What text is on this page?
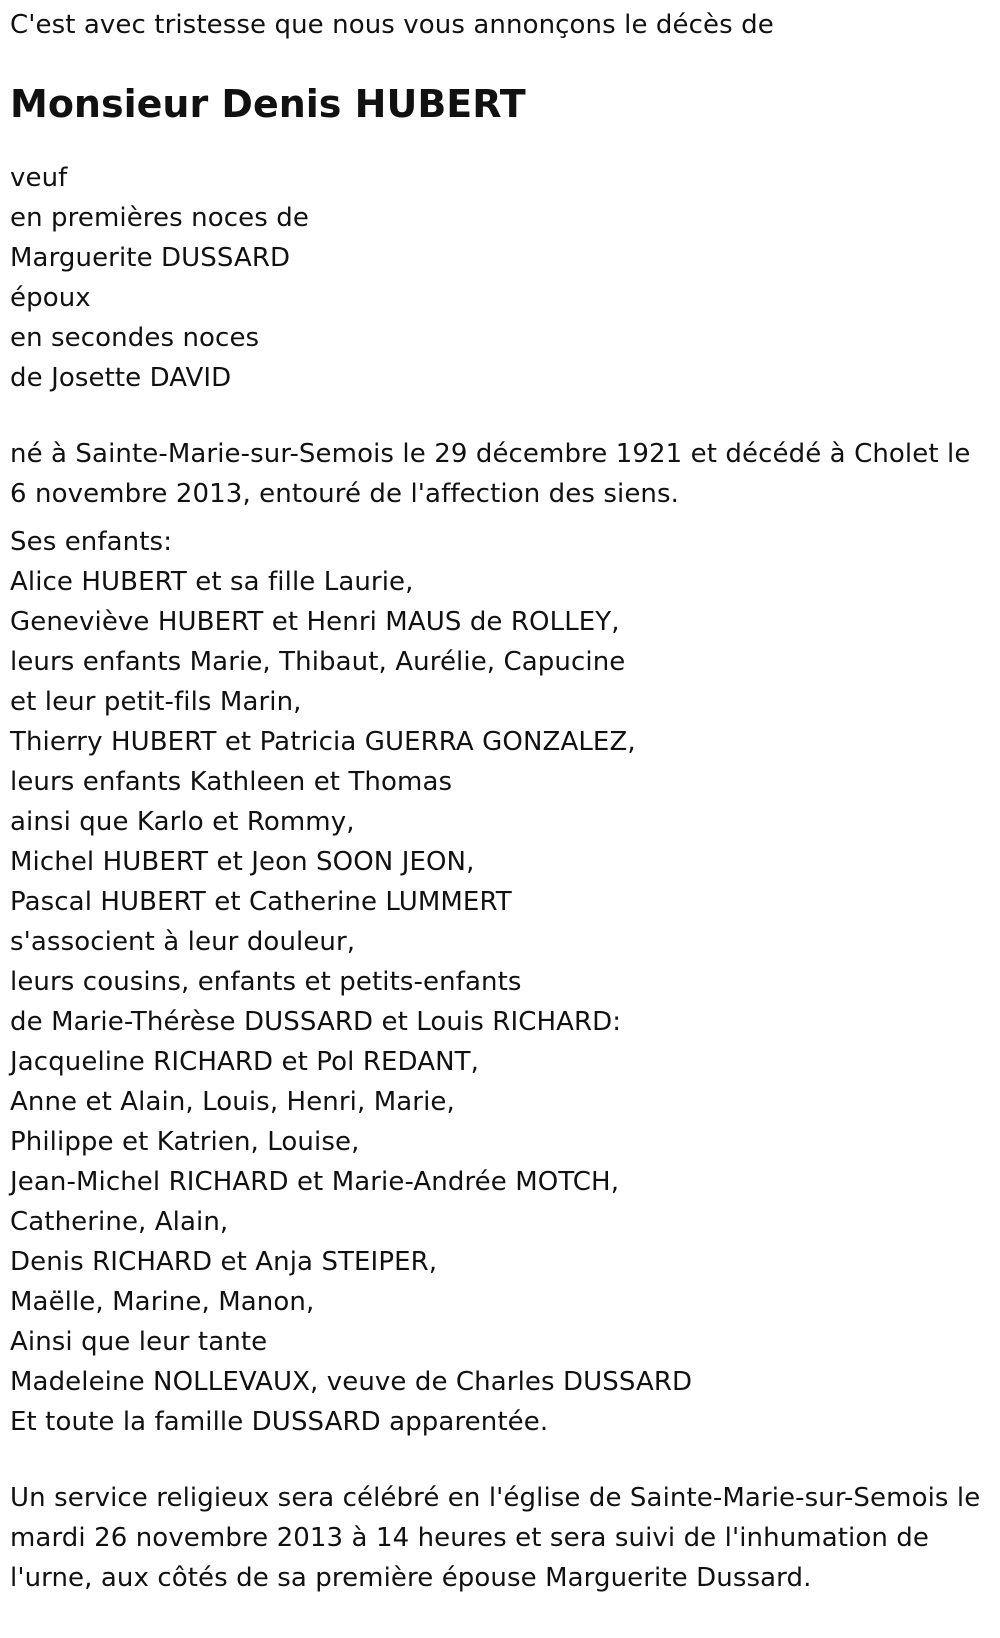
C'est avec tristesse que nous vous annonçons le décès de
Monsieur Denis HUBERT
veuf
en premières noces de
Marguerite DUSSARD
époux
en secondes noces
de Josette DAVID
né à Sainte-Marie-sur-Semois le 29 décembre 1921 et décédé à Cholet le
6 novembre 2013, entouré de l'affection des siens.
Ses enfants:
Alice HUBERT et sa fille Laurie,
Geneviève HUBERT et Henri MAUS de ROLLEY,
leurs enfants Marie, Thibaut, Aurélie, Capucine
et leur petit-fils Marin,
Thierry HUBERT et Patricia GUERRA GONZALEZ,
leurs enfants Kathleen et Thomas
ainsi que Karlo et Rommy,
Michel HUBERT et Jeon SOON JEON,
Pascal HUBERT et Catherine LUMMERT
s'associent à leur douleur,
leurs cousins, enfants et petits-enfants
de Marie-Thérèse DUSSARD et Louis RICHARD:
Jacqueline RICHARD et Pol REDANT,
Anne et Alain, Louis, Henri, Marie,
Philippe et Katrien, Louise,
Jean-Michel RICHARD et Marie-Andrée MOTCH,
Catherine, Alain,
Denis RICHARD et Anja STEIPER,
Maëlle, Marine, Manon,
Ainsi que leur tante
Madeleine NOLLEVAUX, veuve de Charles DUSSARD
Et toute la famille DUSSARD apparentée.
Un service religieux sera célébré en l'église de Sainte-Marie-sur-Semois le
mardi 26 novembre 2013 à 14 heures et sera suivi de l'inhumation de
l'urne, aux côtés de sa première épouse Marguerite Dussard.
